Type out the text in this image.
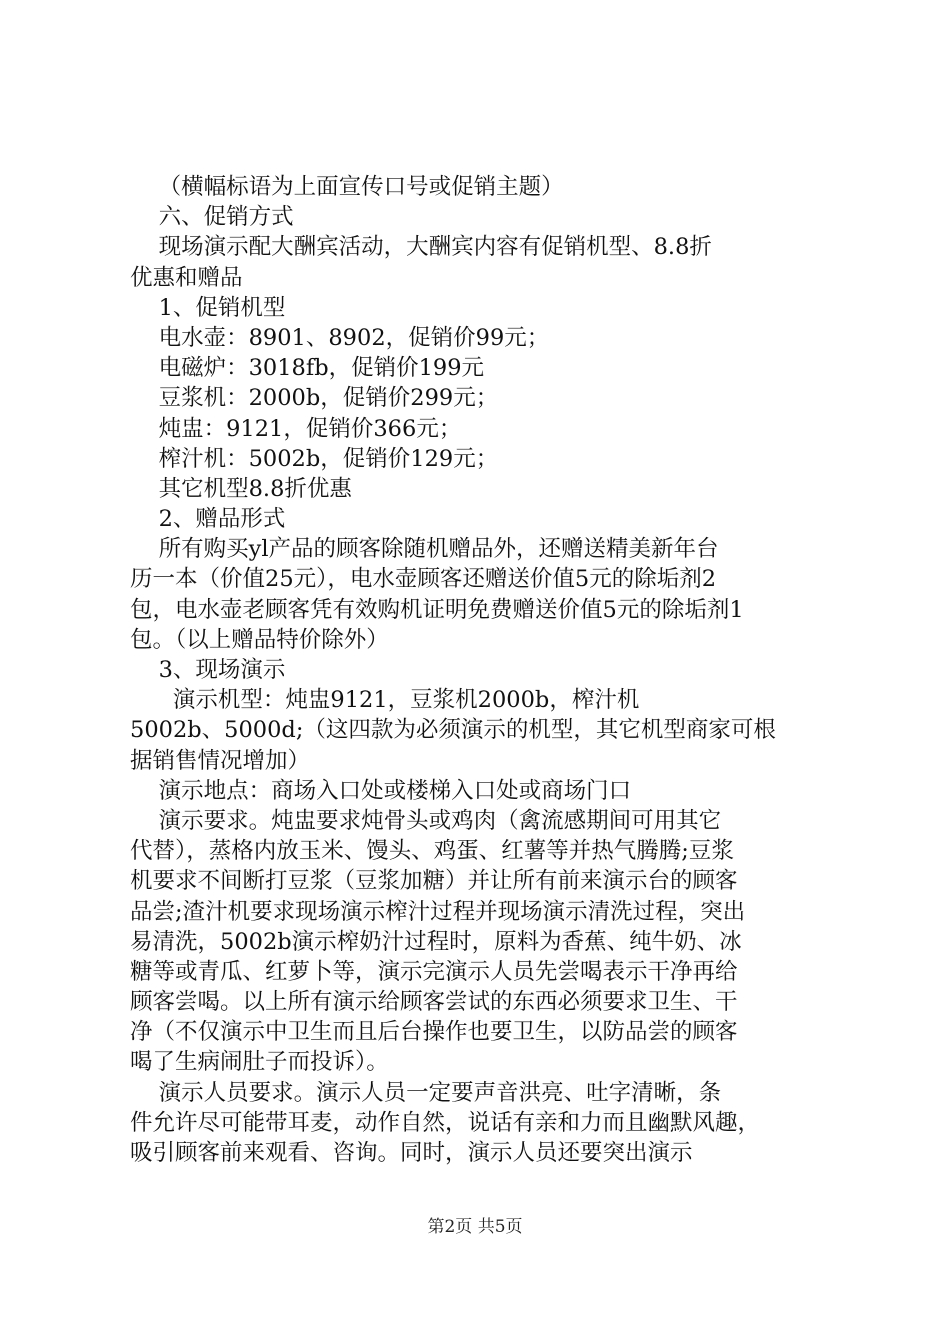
（横幅标语为上面宣传口号或促销主题）
六、促销方式
现场演示配大酬宾活动，大酬宾内容有促销机型、8.8折
优惠和赠品
1、促销机型
电水壶：8901、8902，促销价99元；
电磁炉：3018fb，促销价199元
豆浆机：2000b，促销价299元；
炖盅：9121，促销价366元；
榨汁机：5002b，促销价129元；
其它机型8.8折优惠
2、赠品形式
所有购买yl产品的顾客除随机赠品外，还赠送精美新年台
历一本（价值25元），电水壶顾客还赠送价值5元的除垢剂2
包，电水壶老顾客凭有效购机证明免费赠送价值5元的除垢剂1
包。（以上赠品特价除外）
3、现场演示
演示机型：炖盅9121，豆浆机2000b，榨汁机
5002b、5000d;（这四款为必须演示的机型，其它机型商家可根
据销售情况增加）
演示地点：商场入口处或楼梯入口处或商场门口
演示要求。炖盅要求炖骨头或鸡肉（禽流感期间可用其它
代替），蒸格内放玉米、馒头、鸡蛋、红薯等并热气腾腾;豆浆
机要求不间断打豆浆（豆浆加糖）并让所有前来演示台的顾客
品尝;渣汁机要求现场演示榨汁过程并现场演示清洗过程，突出
易清洗，5002b演示榨奶汁过程时，原料为香蕉、纯牛奶、冰
糖等或青瓜、红萝卜等，演示完演示人员先尝喝表示干净再给
顾客尝喝。以上所有演示给顾客尝试的东西必须要求卫生、干
净（不仅演示中卫生而且后台操作也要卫生，以防品尝的顾客
喝了生病闹肚子而投诉）。
演示人员要求。演示人员一定要声音洪亮、吐字清晰，条
件允许尽可能带耳麦，动作自然，说话有亲和力而且幽默风趣，
吸引顾客前来观看、咨询。同时，演示人员还要突出演示
第2页 共5页
